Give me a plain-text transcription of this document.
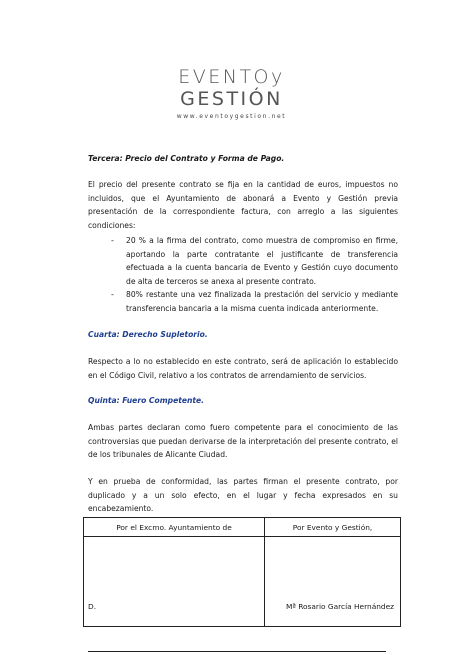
EVENTOy
GESTIÓN
www.eventoygestion.net
Tercera: Precio del Contrato y Forma de Pago.
El precio del presente contrato se fija en la cantidad de euros, impuestos no incluidos, que el Ayuntamiento de abonará a Evento y Gestión previa presentación de la correspondiente factura, con arreglo a las siguientes condiciones:
- 20 % a la firma del contrato, como muestra de compromiso en firme, aportando la parte contratante el justificante de transferencia efectuada a la cuenta bancaria de Evento y Gestión cuyo documento de alta de terceros se anexa al presente contrato.
- 80% restante una vez finalizada la prestación del servicio y mediante transferencia bancaria a la misma cuenta indicada anteriormente.
Cuarta: Derecho Supletorio.
Respecto a lo no establecido en este contrato, será de aplicación lo establecido en el Código Civil, relativo a los contratos de arrendamiento de servicios.
Quinta: Fuero Competente.
Ambas partes declaran como fuero competente para el conocimiento de las controversias que puedan derivarse de la interpretación del presente contrato, el de los tribunales de Alicante Ciudad.
Y en prueba de conformidad, las partes firman el presente contrato, por duplicado y a un solo efecto, en el lugar y fecha expresados en su encabezamiento.
Por el Excmo. Ayuntamiento de	Por Evento y Gestión,

D.	Mª Rosario García Hernández
